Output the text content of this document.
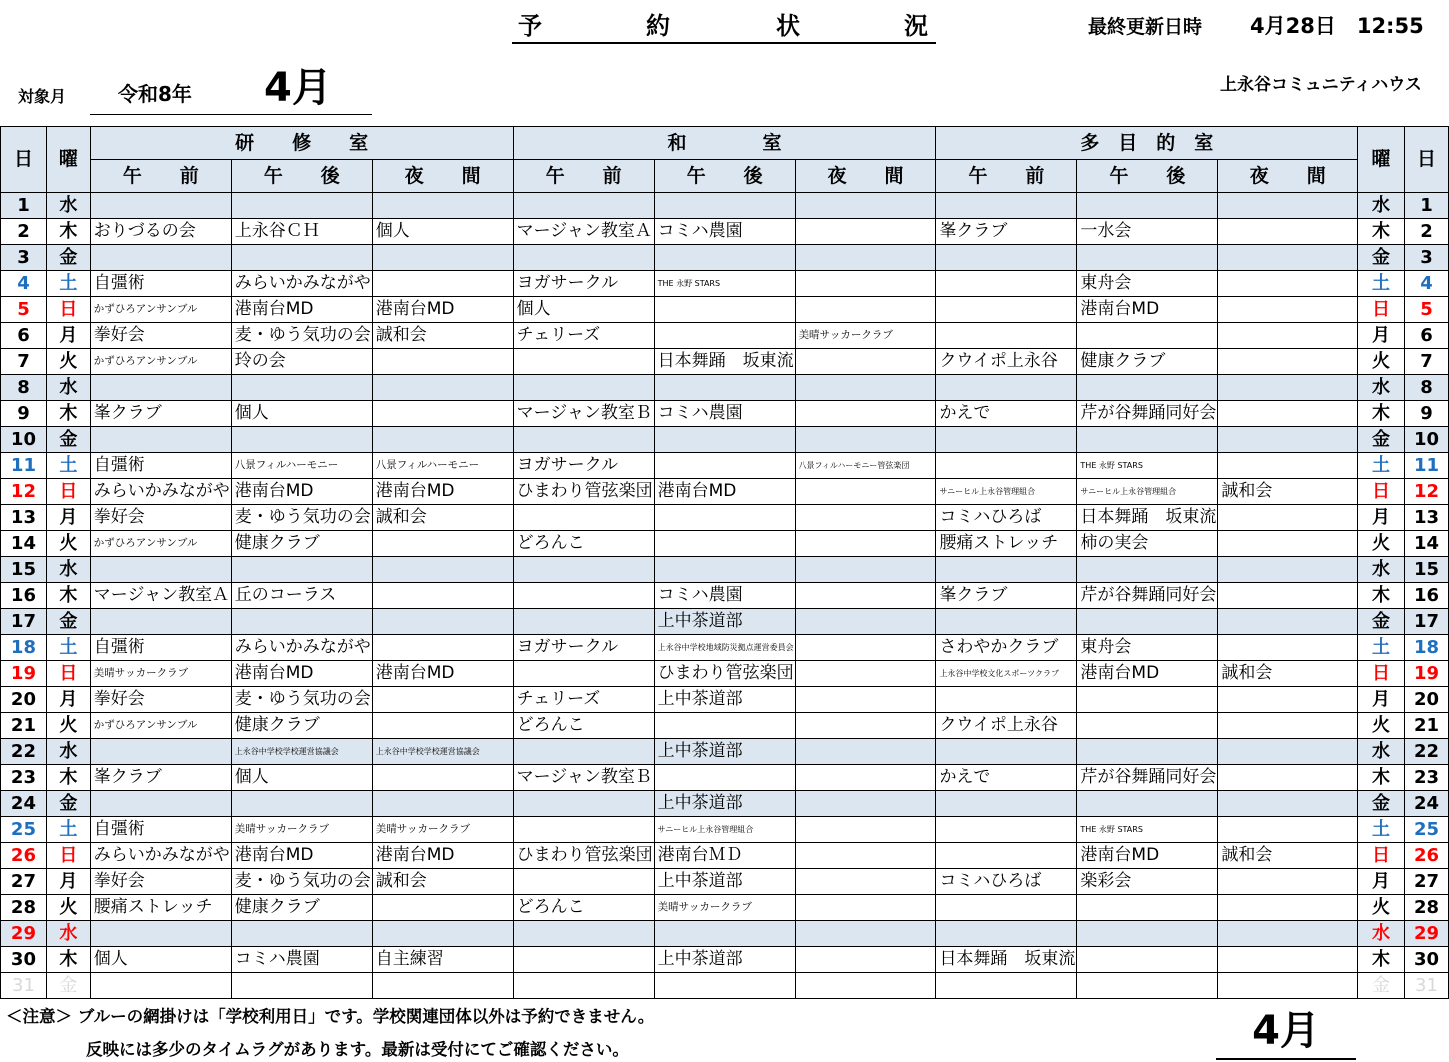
予	約	状	況	最終更新日時 4月28日　12:55
対象月	令和8年 4月	上永谷コミュニティハウス
日	曜	研　　修　　室			和　　　　室			多　目　的　室			曜	日
		午　　前	午　　後	夜　　間	午　　前	午　　後	夜　　間	午　　前	午　　後	夜　　間		
1	水										水	1
2	木	おりづるの会	上永谷ＣＨ	個人	マージャン教室Ａ	コミハ農園		峯クラブ	一水会		木	2
3	金										金	3
4	土	自彊術	みらいかみながや		ヨガサークル	THE 永野 STARS			東舟会		土	4
5	日	かずひろアンサンブル	港南台MD	港南台MD	個人				港南台MD		日	5
6	月	拳好会	麦・ゆう気功の会	誠和会	チェリーズ		美晴サッカークラブ				月	6
7	火	かずひろアンサンブル	玲の会			日本舞踊　坂東流		クウイポ上永谷	健康クラブ		火	7
8	水										水	8
9	木	峯クラブ	個人		マージャン教室Ｂ	コミハ農園		かえで	芹が谷舞踊同好会		木	9
10	金										金	10
11	土	自彊術	八景フィルハーモニー	八景フィルハーモニー	ヨガサークル		八景フィルハーモニー管弦楽団		THE 永野 STARS		土	11
12	日	みらいかみながや	港南台MD	港南台MD	ひまわり管弦楽団	港南台MD		サニーヒル上永谷管理組合	サニーヒル上永谷管理組合	誠和会	日	12
13	月	拳好会	麦・ゆう気功の会	誠和会				コミハひろば	日本舞踊　坂東流		月	13
14	火	かずひろアンサンブル	健康クラブ		どろんこ			腰痛ストレッチ	柿の実会		火	14
15	水										水	15
16	木	マージャン教室Ａ	丘のコーラス			コミハ農園		峯クラブ	芹が谷舞踊同好会		木	16
17	金					上中茶道部					金	17
18	土	自彊術	みらいかみながや		ヨガサークル	上永谷中学校地域防災拠点運営委員会		さわやかクラブ	東舟会		土	18
19	日	美晴サッカークラブ	港南台MD	港南台MD		ひまわり管弦楽団		上永谷中学校文化スポーツクラブ	港南台MD	誠和会	日	19
20	月	拳好会	麦・ゆう気功の会		チェリーズ	上中茶道部					月	20
21	火	かずひろアンサンブル	健康クラブ		どろんこ			クウイポ上永谷			火	21
22	水		上永谷中学校学校運営協議会	上永谷中学校学校運営協議会		上中茶道部					水	22
23	木	峯クラブ	個人		マージャン教室Ｂ			かえで	芹が谷舞踊同好会		木	23
24	金					上中茶道部					金	24
25	土	自彊術	美晴サッカークラブ	美晴サッカークラブ		サニーヒル上永谷管理組合			THE 永野 STARS		土	25
26	日	みらいかみながや	港南台MD	港南台MD	ひまわり管弦楽団	港南台ＭＤ			港南台MD	誠和会	日	26
27	月	拳好会	麦・ゆう気功の会	誠和会		上中茶道部		コミハひろば	楽彩会		月	27
28	火	腰痛ストレッチ	健康クラブ		どろんこ	美晴サッカークラブ					火	28
29	水										水	29
30	木	個人	コミハ農園	自主練習		上中茶道部		日本舞踊　坂東流			木	30
31	金										金	31
＜注意＞ ブルーの網掛けは「学校利用日」です。学校関連団体以外は予約できません。
反映には多少のタイムラグがあります。最新は受付にてご確認ください。	4月
